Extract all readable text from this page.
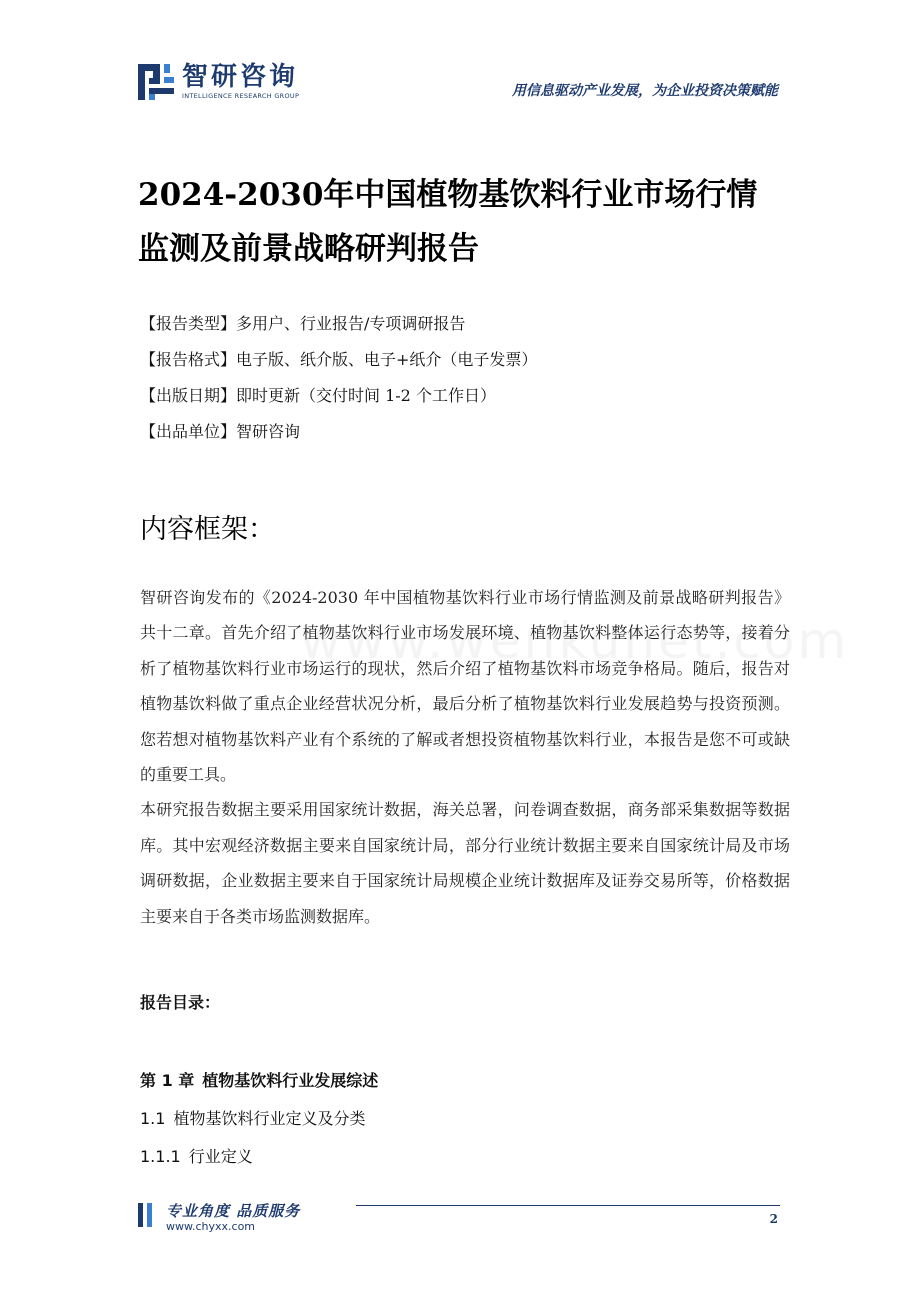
智研咨询
INTELLIGENCE RESEARCH GROUP	用信息驱动产业发展，为企业投资决策赋能
2024-2030年中国植物基饮料行业市场行情监测及前景战略研判报告
【报告类型】多用户、行业报告/专项调研报告
【报告格式】电子版、纸介版、电子+纸介（电子发票）
【出版日期】即时更新（交付时间 1-2 个工作日）
【出品单位】智研咨询
内容框架：

智研咨询发布的《2024-2030 年中国植物基饮料行业市场行情监测及前景战略研判报告》共十二章。首先介绍了植物基饮料行业市场发展环境、植物基饮料整体运行态势等，接着分析了植物基饮料行业市场运行的现状，然后介绍了植物基饮料市场竞争格局。随后，报告对植物基饮料做了重点企业经营状况分析，最后分析了植物基饮料行业发展趋势与投资预测。您若想对植物基饮料产业有个系统的了解或者想投资植物基饮料行业，本报告是您不可或缺的重要工具。

本研究报告数据主要采用国家统计数据，海关总署，问卷调查数据，商务部采集数据等数据库。其中宏观经济数据主要来自国家统计局，部分行业统计数据主要来自国家统计局及市场调研数据，企业数据主要来自于国家统计局规模企业统计数据库及证券交易所等，价格数据主要来自于各类市场监测数据库。

报告目录：
第 1 章 植物基饮料行业发展综述
1.1 植物基饮料行业定义及分类
1.1.1 行业定义
专业角度 品质服务
www.chyxx.com
2
